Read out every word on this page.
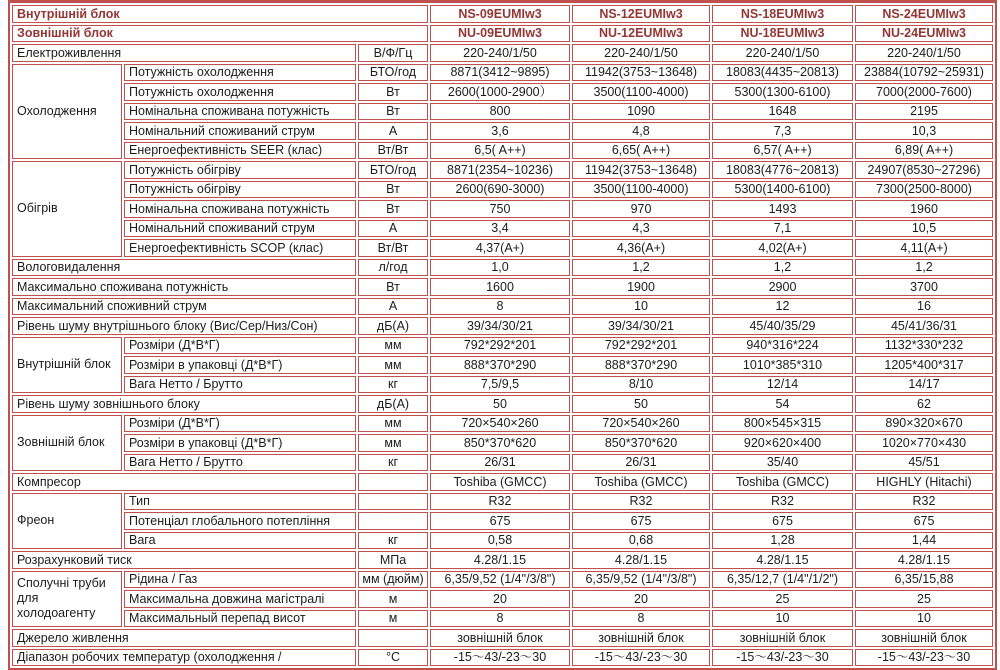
Внутрішній блок			NS-09EUMIw3	NS-12EUMIw3	NS-18EUMIw3	NS-24EUMIw3
Зовнішній блок			NU-09EUMIw3	NU-12EUMIw3	NU-18EUMIw3	NU-24EUMIw3
Електроживлення		В/Ф/Гц	220-240/1/50	220-240/1/50	220-240/1/50	220-240/1/50
Охолодження	Потужність охолодження	БТО/год	8871(3412~9895)	11942(3753~13648)	18083(4435~20813)	23884(10792~25931)
	Потужність охолодження	Вт	2600(1000-2900）	3500(1100-4000)	5300(1300-6100)	7000(2000-7600)
	Номінальна споживана потужність	Вт	800	1090	1648	2195
	Номінальний споживаний струм	А	3,6	4,8	7,3	10,3
	Енергоефективність SEER (клас)	Вт/Вт	6,5( A++)	6,65( A++)	6,57( A++)	6,89( A++)
Обігрів	Потужність обігріву	БТО/год	8871(2354~10236)	11942(3753~13648)	18083(4776~20813)	24907(8530~27296)
	Потужність обігріву	Вт	2600(690-3000)	3500(1100-4000)	5300(1400-6100)	7300(2500-8000)
	Номінальна споживана потужність	Вт	750	970	1493	1960
	Номінальний споживаний струм	А	3,4	4,3	7,1	10,5
	Енергоефективність SCOP (клас)	Вт/Вт	4,37(A+)	4,36(A+)	4,02(A+)	4,11(A+)
Вологовидалення		л/год	1,0	1,2	1,2	1,2
Максимально споживана потужність		Вт	1600	1900	2900	3700
Максимальний споживний струм		А	8	10	12	16
Рівень шуму внутрішнього блоку (Вис/Сер/Низ/Сон)		дБ(А)	39/34/30/21	39/34/30/21	45/40/35/29	45/41/36/31
Внутрішній блок	Розміри (Д*В*Г)	мм	792*292*201	792*292*201	940*316*224	1132*330*232
	Розміри в упаковці (Д*В*Г)	мм	888*370*290	888*370*290	1010*385*310	1205*400*317
	Вага Нетто / Брутто	кг	7,5/9,5	8/10	12/14	14/17
Рівень шуму зовнішнього блоку		дБ(А)	50	50	54	62
Зовнішній блок	Розміри (Д*В*Г)	мм	720×540×260	720×540×260	800×545×315	890×320×670
	Розміри в упаковці (Д*В*Г)	мм	850*370*620	850*370*620	920×620×400	1020×770×430
	Вага Нетто / Брутто	кг	26/31	26/31	35/40	45/51
Компресор			Toshiba (GMCC)	Toshiba (GMCC)	Toshiba (GMCC)	HIGHLY (Hitachi)
Фреон	Тип		R32	R32	R32	R32
	Потенціал глобального потепління		675	675	675	675
	Вага	кг	0,58	0,68	1,28	1,44
Розрахунковий тиск		МПа	4.28/1.15	4.28/1.15	4.28/1.15	4.28/1.15
Сполучні труби для холодоагенту	Рідина / Газ	мм (дюйм)	6,35/9,52 (1/4"/3/8")	6,35/9,52 (1/4"/3/8")	6,35/12,7 (1/4"/1/2")	6,35/15,88
	Максимальна довжина магістралі	м	20	20	25	25
	Максимальный перепад висот	м	8	8	10	10
Джерело живлення			зовнішній блок	зовнішній блок	зовнішній блок	зовнішній блок
Діапазон робочих температур (охолодження /		°С	-15〜43/-23〜30	-15〜43/-23〜30	-15〜43/-23〜30	-15〜43/-23〜30
